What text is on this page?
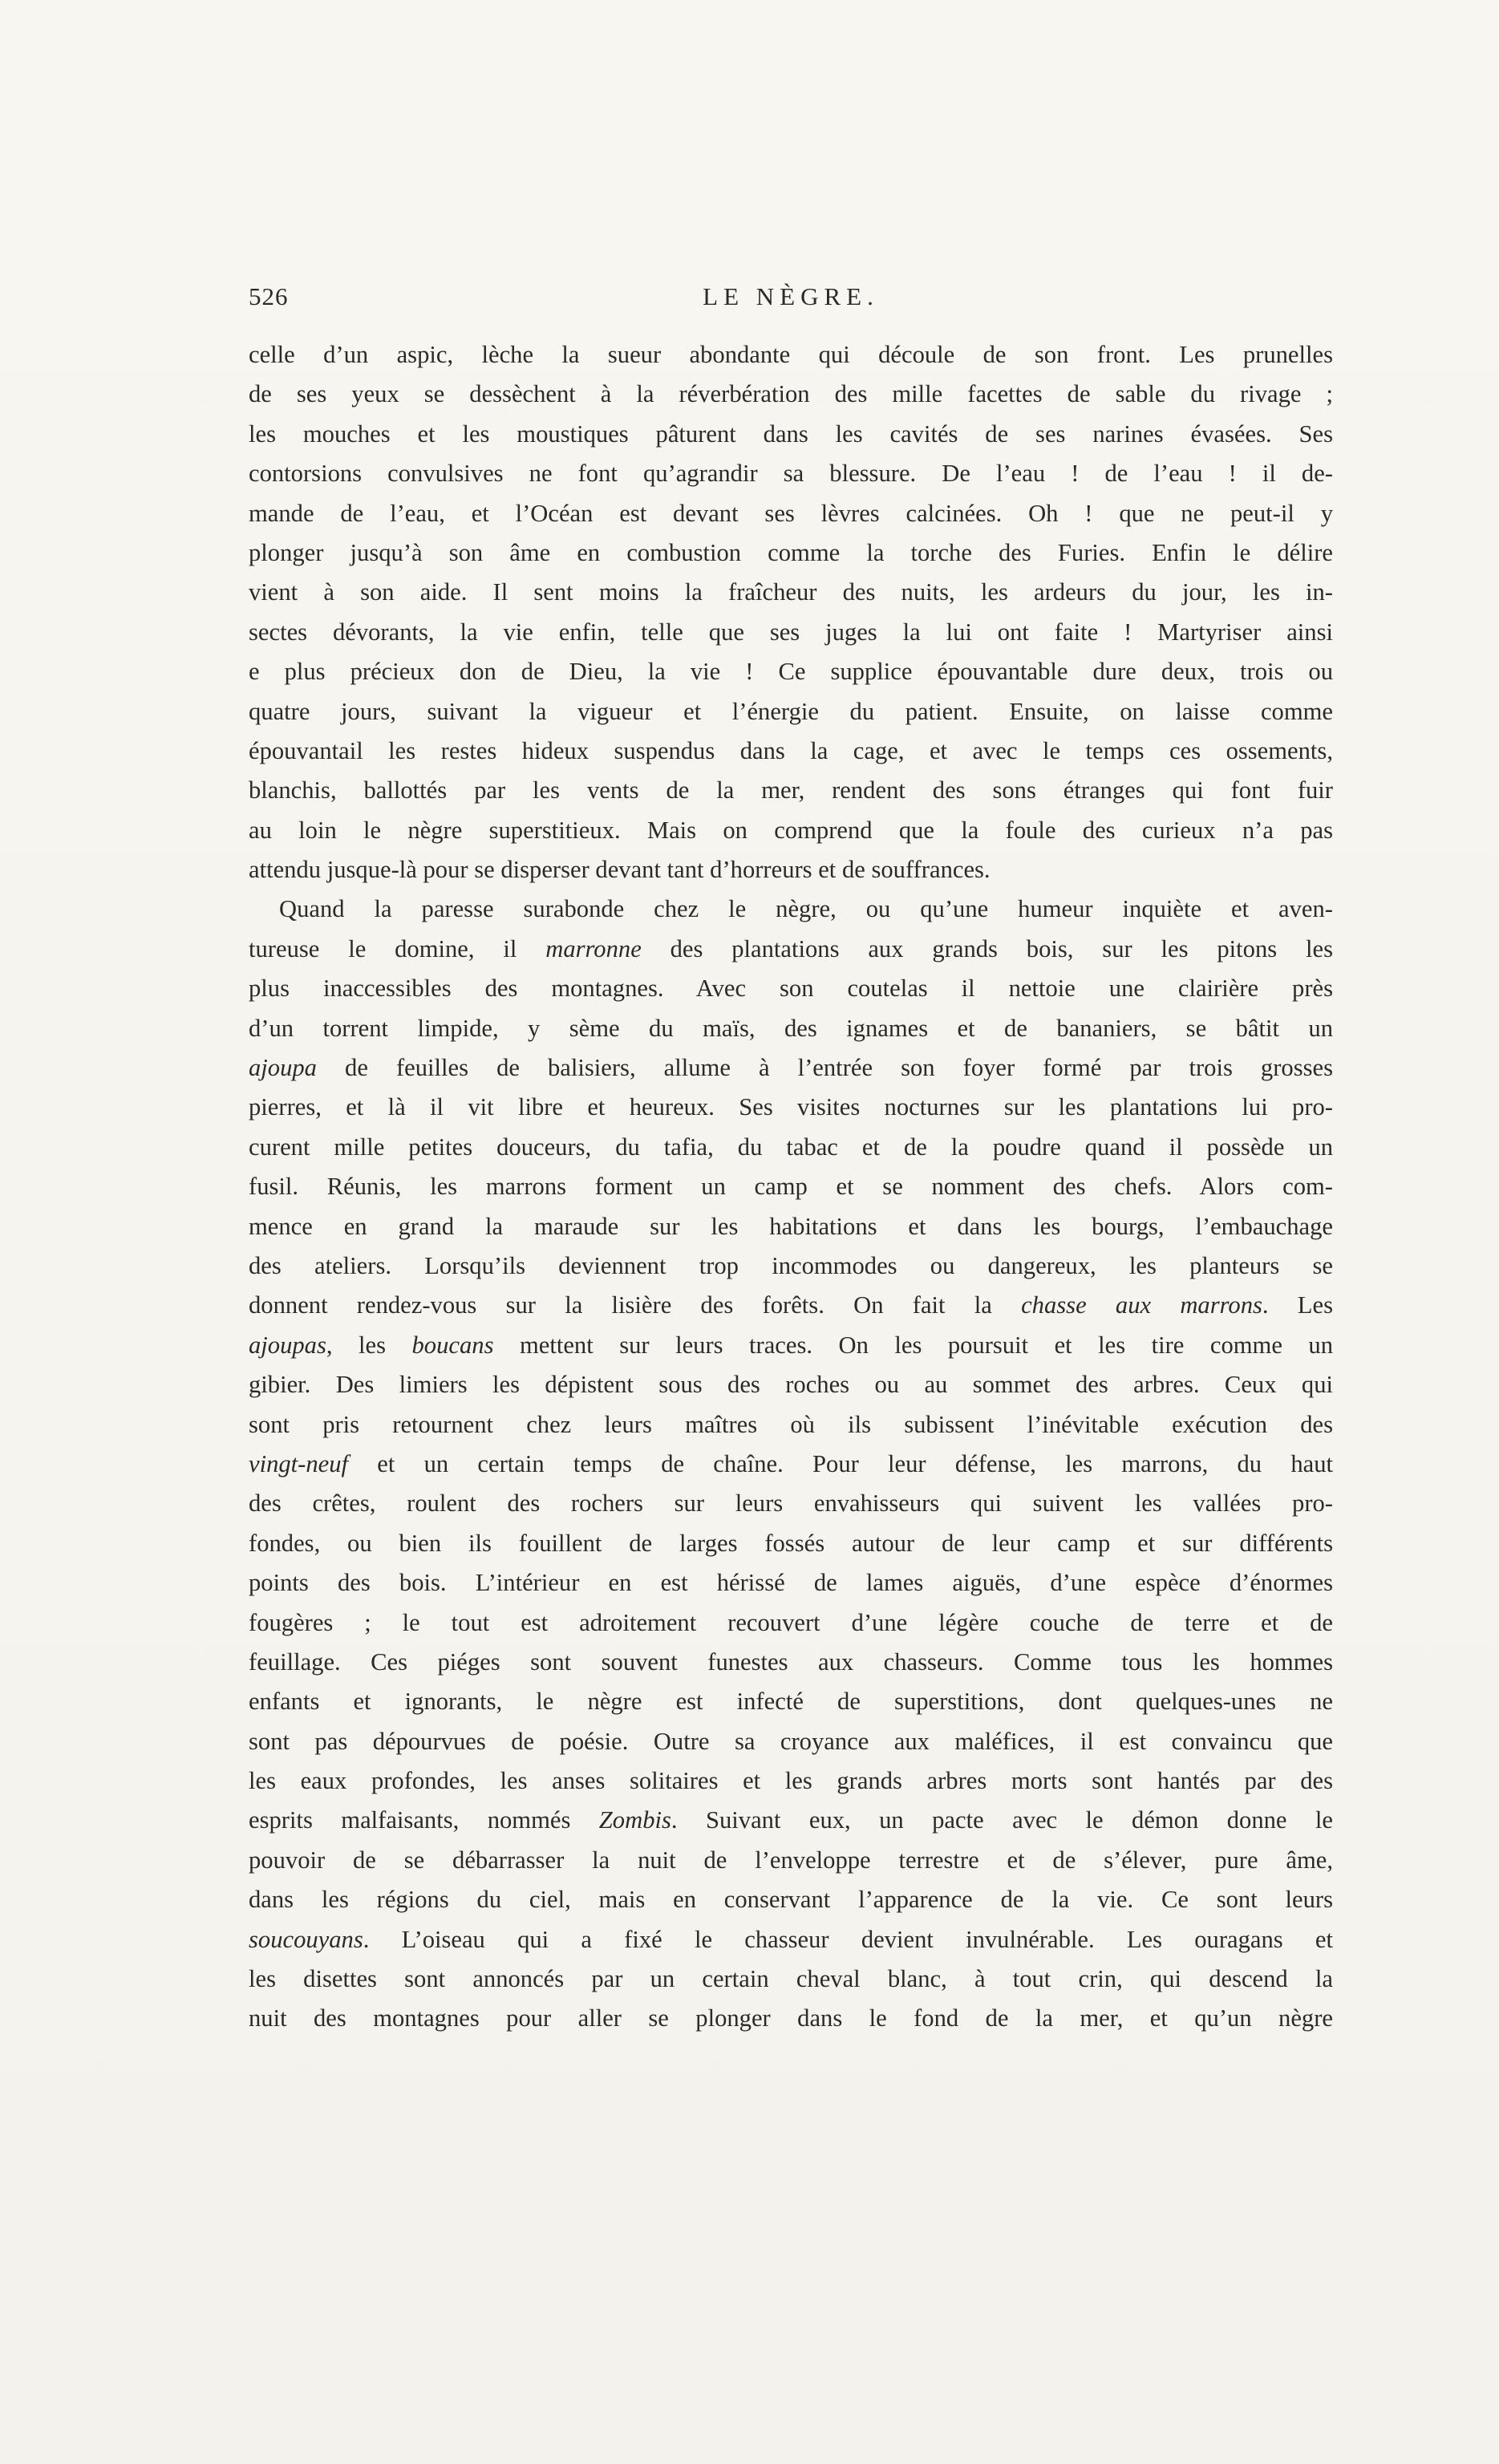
526	LE NÈGRE.
celle d’un aspic, lèche la sueur abondante qui découle de son front. Les prunelles
de ses yeux se dessèchent à la réverbération des mille facettes de sable du rivage ;
les mouches et les moustiques pâturent dans les cavités de ses narines évasées. Ses
contorsions convulsives ne font qu’agrandir sa blessure. De l’eau ! de l’eau ! il de-
mande de l’eau, et l’Océan est devant ses lèvres calcinées. Oh ! que ne peut-il y
plonger jusqu’à son âme en combustion comme la torche des Furies. Enfin le délire
vient à son aide. Il sent moins la fraîcheur des nuits, les ardeurs du jour, les in-
sectes dévorants, la vie enfin, telle que ses juges la lui ont faite ! Martyriser ainsi
e plus précieux don de Dieu, la vie ! Ce supplice épouvantable dure deux, trois ou
quatre jours, suivant la vigueur et l’énergie du patient. Ensuite, on laisse comme
épouvantail les restes hideux suspendus dans la cage, et avec le temps ces ossements,
blanchis, ballottés par les vents de la mer, rendent des sons étranges qui font fuir
au loin le nègre superstitieux. Mais on comprend que la foule des curieux n’a pas
attendu jusque-là pour se disperser devant tant d’horreurs et de souffrances.
Quand la paresse surabonde chez le nègre, ou qu’une humeur inquiète et aven-
tureuse le domine, il marronne des plantations aux grands bois, sur les pitons les
plus inaccessibles des montagnes. Avec son coutelas il nettoie une clairière près
d’un torrent limpide, y sème du maïs, des ignames et de bananiers, se bâtit un
ajoupa de feuilles de balisiers, allume à l’entrée son foyer formé par trois grosses
pierres, et là il vit libre et heureux. Ses visites nocturnes sur les plantations lui pro-
curent mille petites douceurs, du tafia, du tabac et de la poudre quand il possède un
fusil. Réunis, les marrons forment un camp et se nomment des chefs. Alors com-
mence en grand la maraude sur les habitations et dans les bourgs, l’embauchage
des ateliers. Lorsqu’ils deviennent trop incommodes ou dangereux, les planteurs se
donnent rendez-vous sur la lisière des forêts. On fait la chasse aux marrons. Les
ajoupas, les boucans mettent sur leurs traces. On les poursuit et les tire comme un
gibier. Des limiers les dépistent sous des roches ou au sommet des arbres. Ceux qui
sont pris retournent chez leurs maîtres où ils subissent l’inévitable exécution des
vingt-neuf et un certain temps de chaîne. Pour leur défense, les marrons, du haut
des crêtes, roulent des rochers sur leurs envahisseurs qui suivent les vallées pro-
fondes, ou bien ils fouillent de larges fossés autour de leur camp et sur différents
points des bois. L’intérieur en est hérissé de lames aiguës, d’une espèce d’énormes
fougères ; le tout est adroitement recouvert d’une légère couche de terre et de
feuillage. Ces piéges sont souvent funestes aux chasseurs. Comme tous les hommes
enfants et ignorants, le nègre est infecté de superstitions, dont quelques-unes ne
sont pas dépourvues de poésie. Outre sa croyance aux maléfices, il est convaincu que
les eaux profondes, les anses solitaires et les grands arbres morts sont hantés par des
esprits malfaisants, nommés Zombis. Suivant eux, un pacte avec le démon donne le
pouvoir de se débarrasser la nuit de l’enveloppe terrestre et de s’élever, pure âme,
dans les régions du ciel, mais en conservant l’apparence de la vie. Ce sont leurs
soucouyans. L’oiseau qui a fixé le chasseur devient invulnérable. Les ouragans et
les disettes sont annoncés par un certain cheval blanc, à tout crin, qui descend la
nuit des montagnes pour aller se plonger dans le fond de la mer, et qu’un nègre
